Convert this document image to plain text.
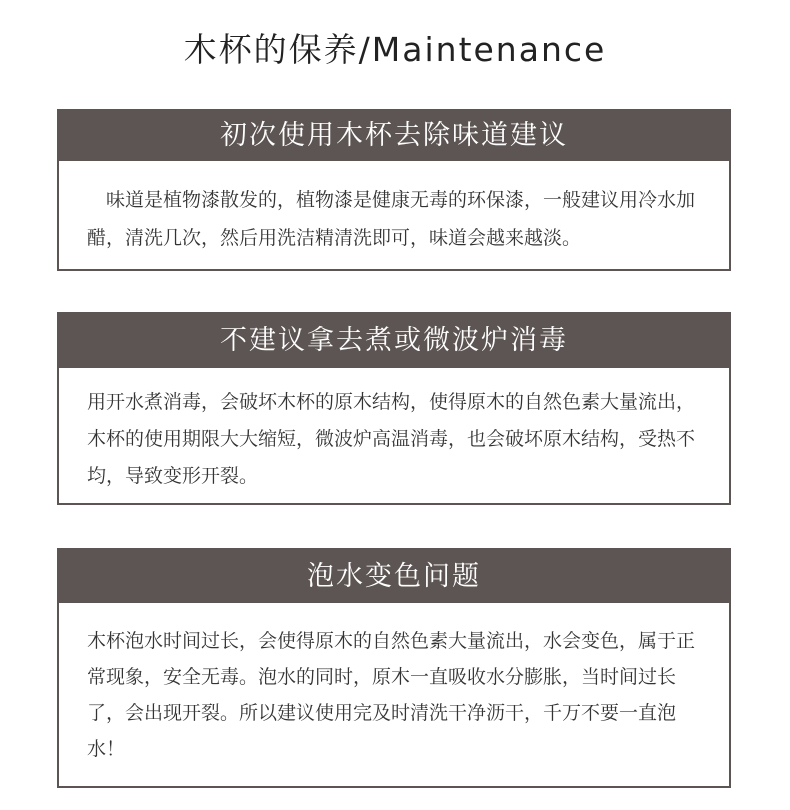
木杯的保养/Maintenance
初次使用木杯去除味道建议
味道是植物漆散发的，植物漆是健康无毒的环保漆，一般建议用冷水加醋，清洗几次，然后用洗洁精清洗即可，味道会越来越淡。
不建议拿去煮或微波炉消毒
用开水煮消毒，会破坏木杯的原木结构，使得原木的自然色素大量流出，木杯的使用期限大大缩短，微波炉高温消毒，也会破坏原木结构，受热不均，导致变形开裂。
泡水变色问题
木杯泡水时间过长，会使得原木的自然色素大量流出，水会变色，属于正常现象，安全无毒。泡水的同时，原木一直吸收水分膨胀，当时间过长了，会出现开裂。所以建议使用完及时清洗干净沥干，千万不要一直泡水！
